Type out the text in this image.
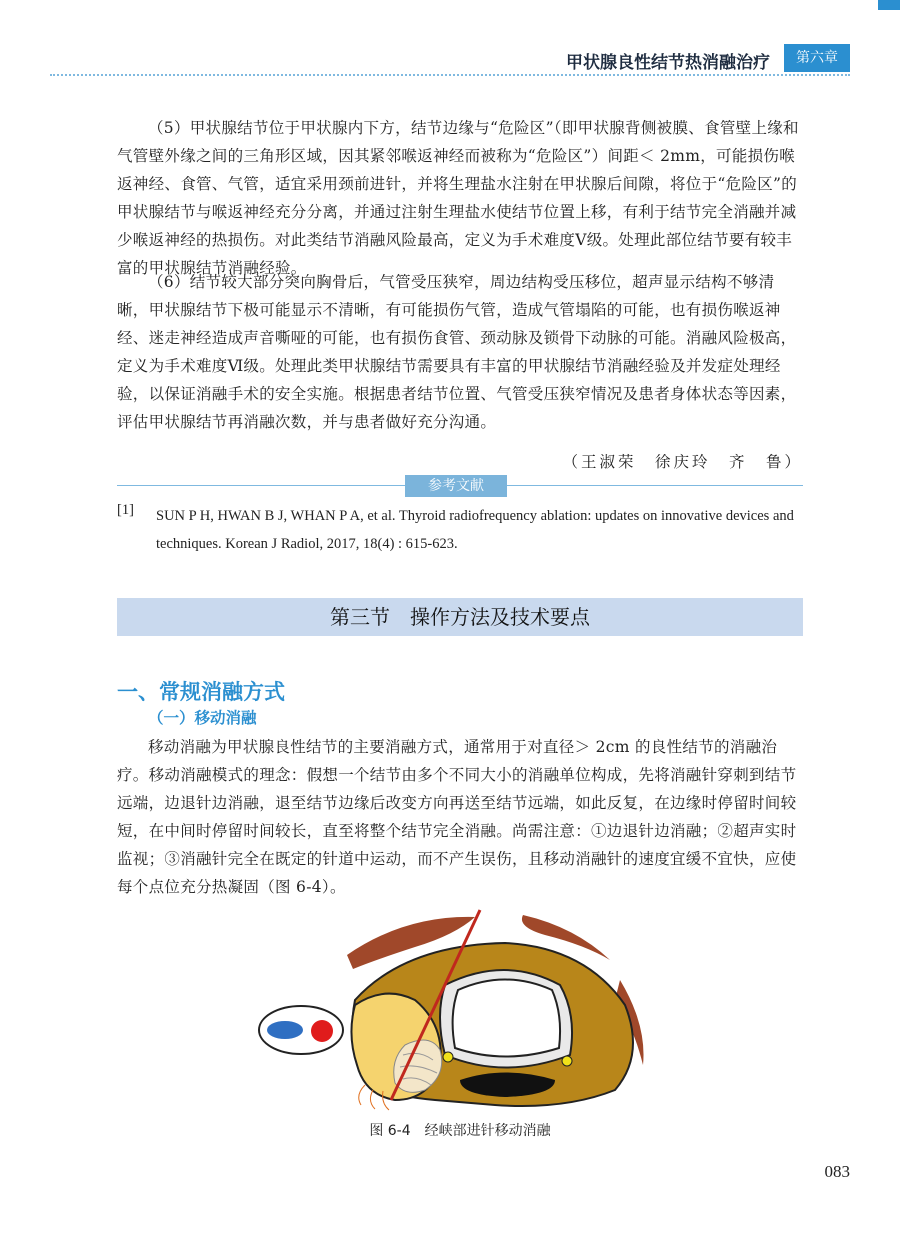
甲状腺良性结节热消融治疗	第六章

（5）甲状腺结节位于甲状腺内下方，结节边缘与“危险区”（即甲状腺背侧被膜、食管壁上缘和气管壁外缘之间的三角形区域，因其紧邻喉返神经而被称为“危险区”）间距＜ 2mm，可能损伤喉返神经、食管、气管，适宜采用颈前进针，并将生理盐水注射在甲状腺后间隙，将位于“危险区”的甲状腺结节与喉返神经充分分离，并通过注射生理盐水使结节位置上移，有利于结节完全消融并减少喉返神经的热损伤。对此类结节消融风险最高，定义为手术难度Ⅴ级。处理此部位结节要有较丰富的甲状腺结节消融经验。

（6）结节较大部分突向胸骨后，气管受压狭窄，周边结构受压移位，超声显示结构不够清晰，甲状腺结节下极可能显示不清晰，有可能损伤气管，造成气管塌陷的可能，也有损伤喉返神经、迷走神经造成声音嘶哑的可能，也有损伤食管、颈动脉及锁骨下动脉的可能。消融风险极高，定义为手术难度Ⅵ级。处理此类甲状腺结节需要具有丰富的甲状腺结节消融经验及并发症处理经验，以保证消融手术的安全实施。根据患者结节位置、气管受压狭窄情况及患者身体状态等因素，评估甲状腺结节再消融次数，并与患者做好充分沟通。

（王淑荣　徐庆玲　齐　鲁）
参考文献
[1] SUN P H, HWAN B J, WHAN P A, et al. Thyroid radiofrequency ablation: updates on innovative devices and techniques. Korean J Radiol, 2017, 18(4) : 615-623.

第三节　操作方法及技术要点
一、常规消融方式
（一）移动消融

移动消融为甲状腺良性结节的主要消融方式，通常用于对直径＞ 2cm 的良性结节的消融治疗。移动消融模式的理念：假想一个结节由多个不同大小的消融单位构成，先将消融针穿刺到结节远端，边退针边消融，退至结节边缘后改变方向再送至结节远端，如此反复，在边缘时停留时间较短，在中间时停留时间较长，直至将整个结节完全消融。尚需注意：①边退针边消融；②超声实时监视；③消融针完全在既定的针道中运动，而不产生误伤，且移动消融针的速度宜缓不宜快，应使每个点位充分热凝固（图 6-4）。

图 6-4　经峡部进针移动消融
083
